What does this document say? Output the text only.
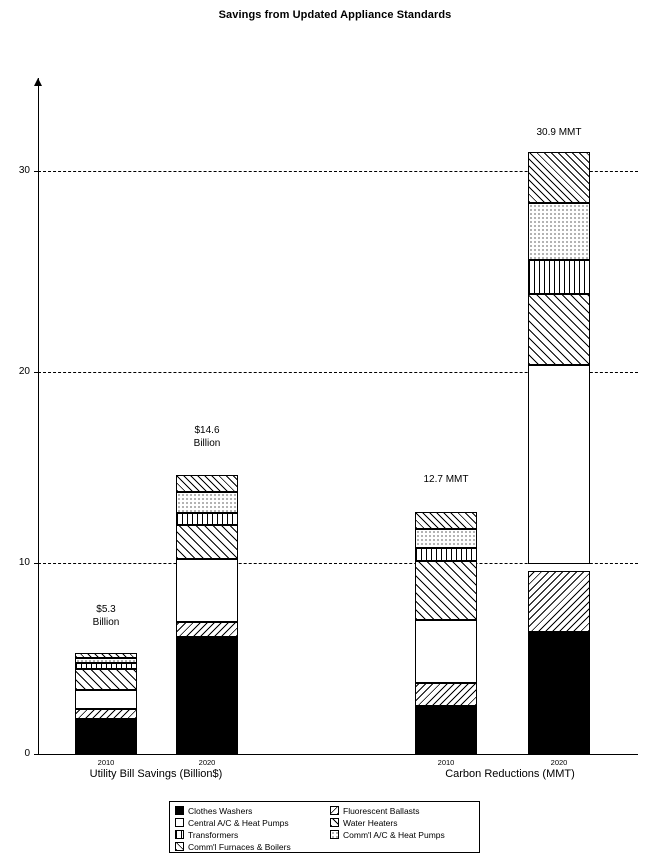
Savings from Updated Appliance Standards
0
10
20
30
$5.3
Billion
2010
$14.6
Billion
2020
Utility Bill Savings (Billion$)
12.7 MMT
2010
30.9 MMT
2020
Carbon Reductions (MMT)
Clothes Washers
Central A/C & Heat Pumps
Transformers
Comm'l Furnaces & Boilers
Fluorescent Ballasts
Water Heaters
Comm'l A/C & Heat Pumps
